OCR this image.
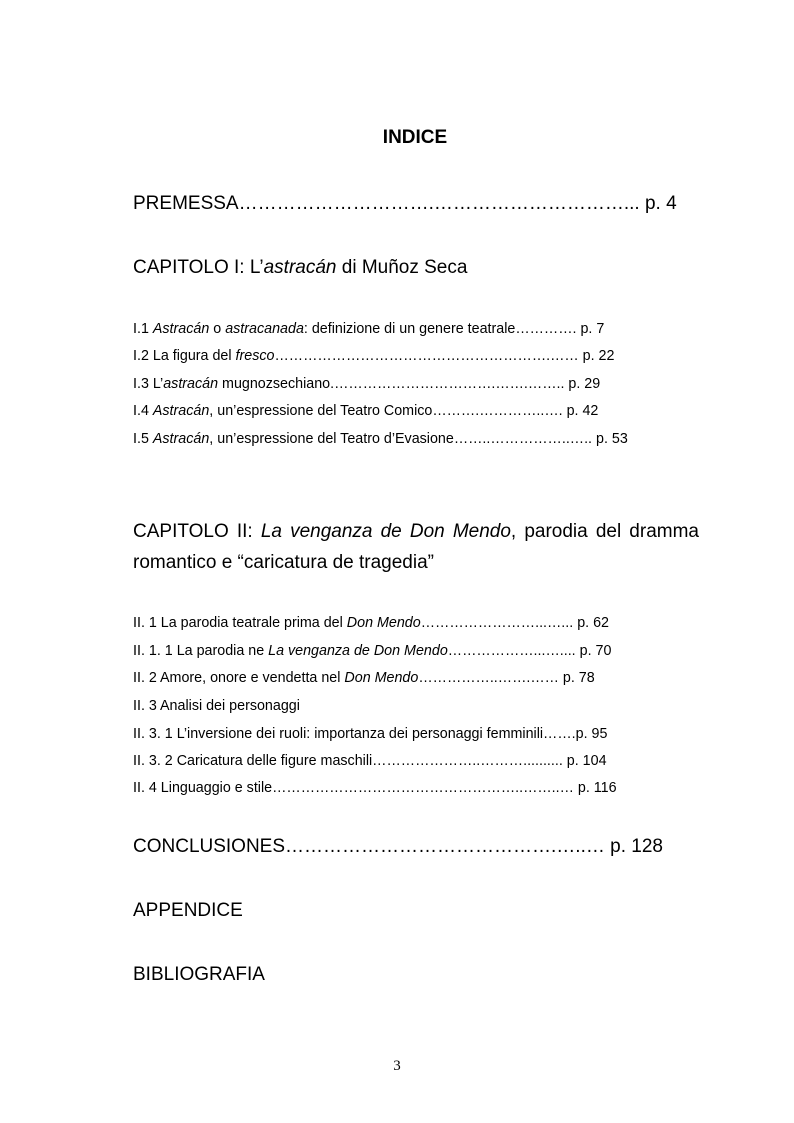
INDICE
PREMESSA………………………….…………………………... p. 4
CAPITOLO I: L’astracán di Muñoz Seca
I.1 Astracán o astracanada: definizione di un genere teatrale…………. p. 7
I.2 La figura del fresco………………………………………………….…… p. 22
I.3 L’astracán mugnozsechiano.…………………………….…….…….. p. 29
I.4 Astracán, un’espressione del Teatro Comico……….…………..…. p. 42
I.5 Astracán, un’espressione del Teatro d’Evasione……..……………..….. p. 53
CAPITOLO II: La venganza de Don Mendo, parodia del dramma romantico e “caricatura de tragedia”
II. 1 La parodia teatrale prima del Don Mendo……………………...…... p. 62
II. 1. 1 La parodia ne La venganza de Don Mendo………………...….... p. 70
II. 2 Amore, onore e vendetta nel Don Mendo……………..…….…… p. 78
II. 3 Analisi dei personaggi
II. 3. 1 L’inversione dei ruoli: importanza dei personaggi femminili…….p. 95
II. 3. 2 Caricatura delle figure maschili…………………..……….......... p. 104
II. 4 Linguaggio e stile……………………………………………..……..… p. 116
CONCLUSIONES…………………………………….…..… p. 128
APPENDICE
BIBLIOGRAFIA
3
